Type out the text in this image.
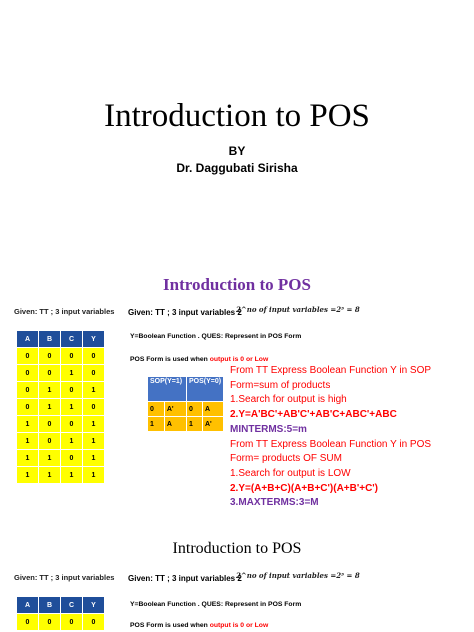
Introduction to POS
BY
Dr. Daggubati Sirisha
Introduction to POS
Given: TT ; 3 input variables	2^no of input variables =2³ = 8
Given: TT ; 3 input variables 2
A	B	C	Y
0	0	0	0
0	0	1	0
0	1	0	1
0	1	1	0
1	0	0	1
1	0	1	1
1	1	0	1
1	1	1	1
Y=Boolean Function . QUES: Represent in POS Form
POS Form is used when output is 0 or Low
SOP(Y=1)		POS(Y=0)	
0	A'	0	A
1	A	1	A'
From TT Express Boolean Function Y in SOP
Form=sum of products
1.Search for output is high
2.Y=A'BC'+AB'C'+AB'C+ABC'+ABC
MINTERMS:5=m
From TT Express Boolean Function Y in POS
Form= products OF SUM
1.Search for output is LOW
2.Y=(A+B+C)(A+B+C')(A+B'+C')
3.MAXTERMS:3=M
Introduction to POS
Given: TT ; 3 input variables	2^no of input variables =2³ = 8
Given: TT ; 3 input variables 2
A	B	C	Y
0	0	0	0
Y=Boolean Function . QUES: Represent in POS Form
POS Form is used when output is 0 or Low
